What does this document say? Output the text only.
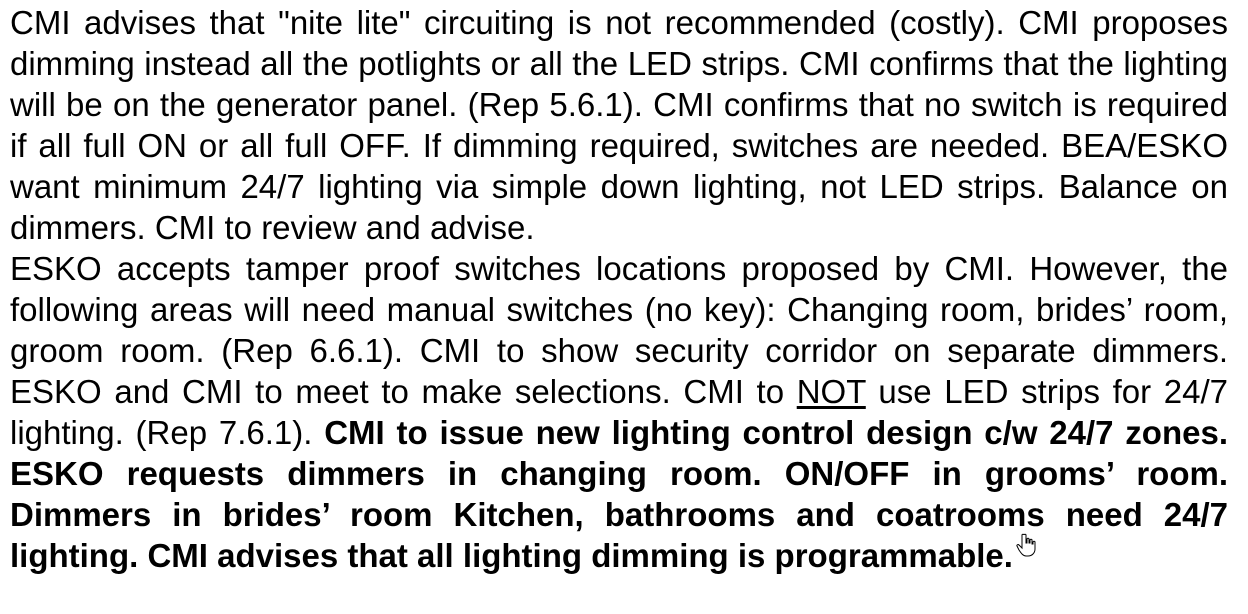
CMI advises that "nite lite" circuiting is not recommended (costly). CMI proposes dimming instead all the potlights or all the LED strips. CMI confirms that the lighting will be on the generator panel. (Rep 5.6.1). CMI confirms that no switch is required if all full ON or all full OFF. If dimming required, switches are needed. BEA/ESKO want minimum 24/7 lighting via simple down lighting, not LED strips. Balance on dimmers. CMI to review and advise.

ESKO accepts tamper proof switches locations proposed by CMI. However, the following areas will need manual switches (no key): Changing room, brides’ room, groom room. (Rep 6.6.1). CMI to show security corridor on separate dimmers. ESKO and CMI to meet to make selections. CMI to NOT use LED strips for 24/7 lighting. (Rep 7.6.1). CMI to issue new lighting control design c/w 24/7 zones. ESKO requests dimmers in changing room. ON/OFF in grooms’ room. Dimmers in brides’ room Kitchen, bathrooms and coatrooms need 24/7 lighting. CMI advises that all lighting dimming is programmable.
